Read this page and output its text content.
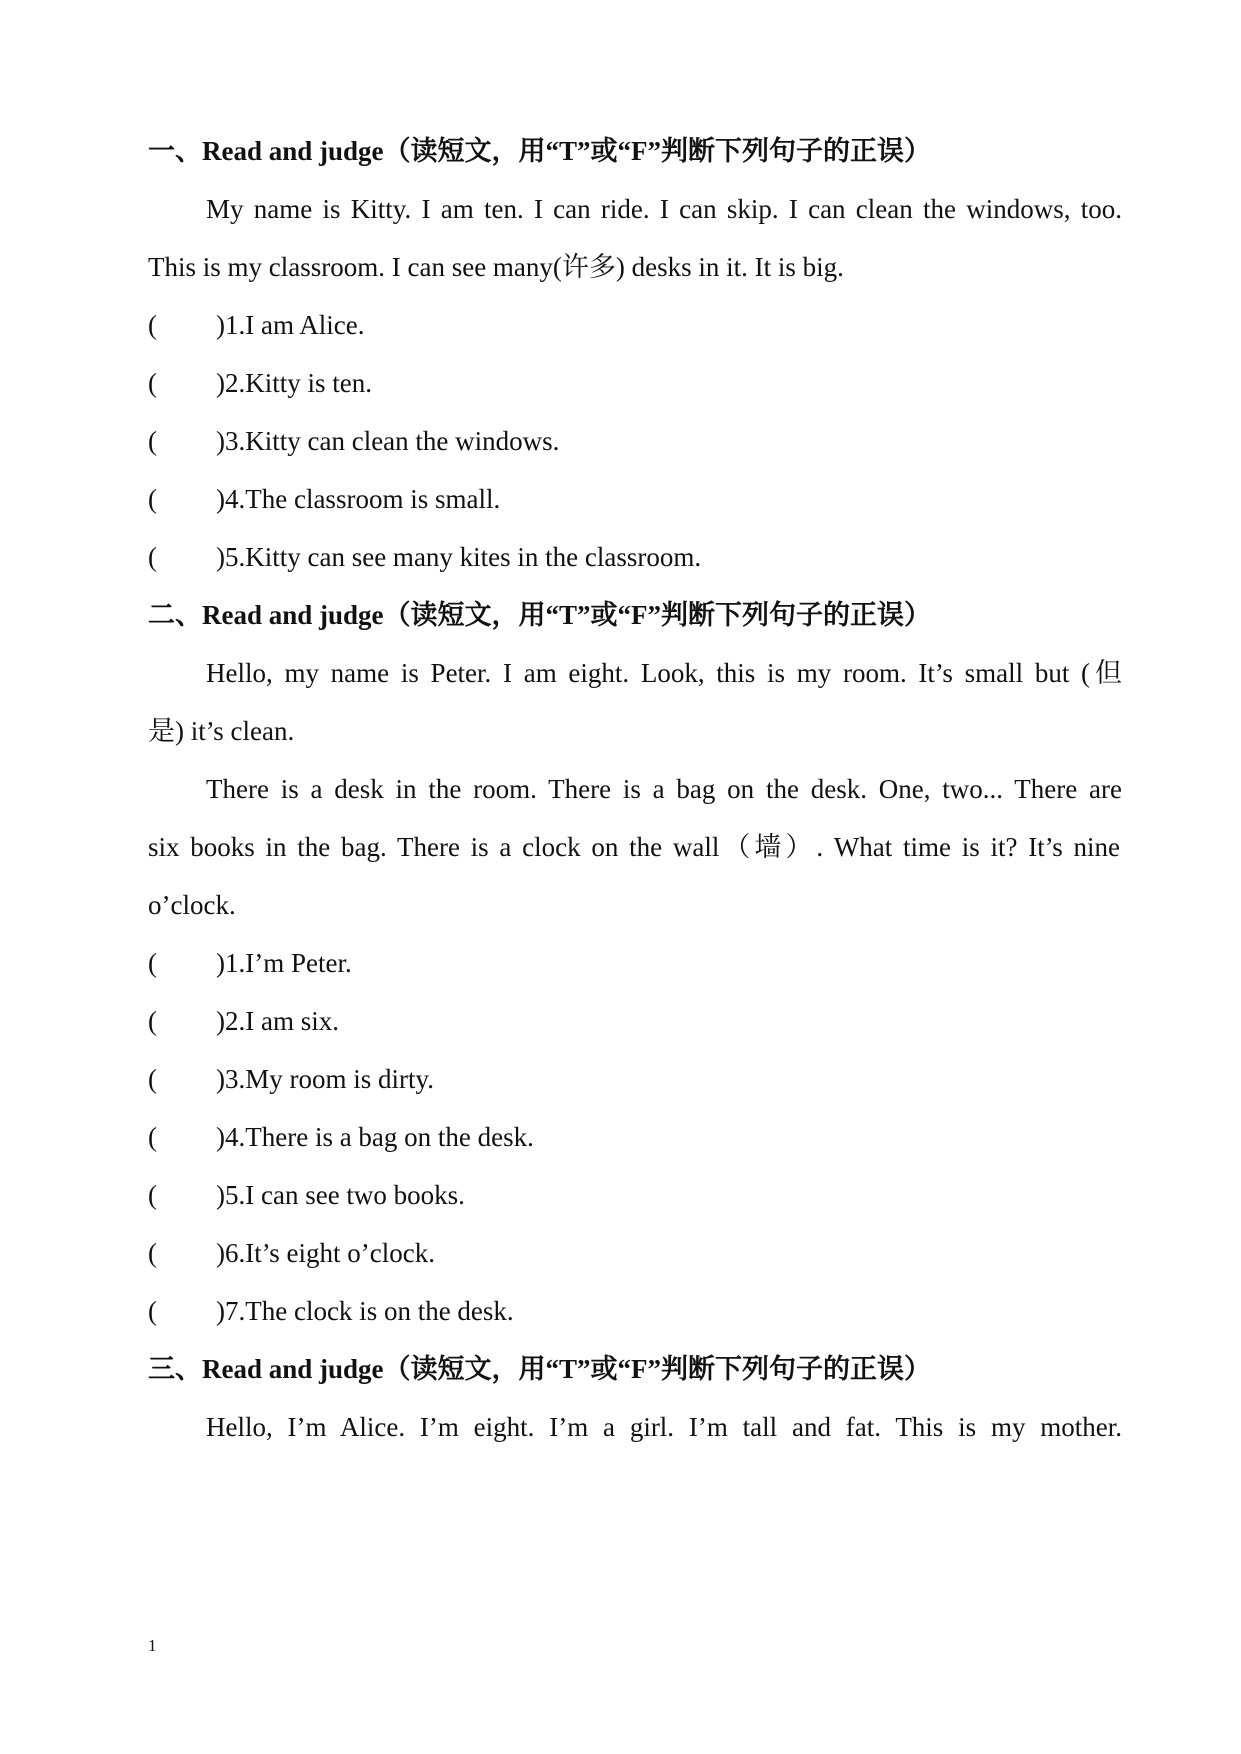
一、Read and judge（读短文，用“T”或“F”判断下列句子的正误）
My name is Kitty. I am ten. I can ride. I can skip. I can clean the windows, too.
This is my classroom. I can see many(许多) desks in it. It is big.
( )1.I am Alice.
( )2.Kitty is ten.
( )3.Kitty can clean the windows.
( )4.The classroom is small.
( )5.Kitty can see many kites in the classroom.
二、Read and judge（读短文，用“T”或“F”判断下列句子的正误）
Hello, my name is Peter. I am eight. Look, this is my room. It’s small but (但
是) it’s clean.
There is a desk in the room. There is a bag on the desk. One, two... There are
six books in the bag. There is a clock on the wall（墙）. What time is it? It’s nine
o’clock.
( )1.I’m Peter.
( )2.I am six.
( )3.My room is dirty.
( )4.There is a bag on the desk.
( )5.I can see two books.
( )6.It’s eight o’clock.
( )7.The clock is on the desk.
三、Read and judge（读短文，用“T”或“F”判断下列句子的正误）
Hello, I’m Alice. I’m eight. I’m a girl. I’m tall and fat. This is my mother.
1
